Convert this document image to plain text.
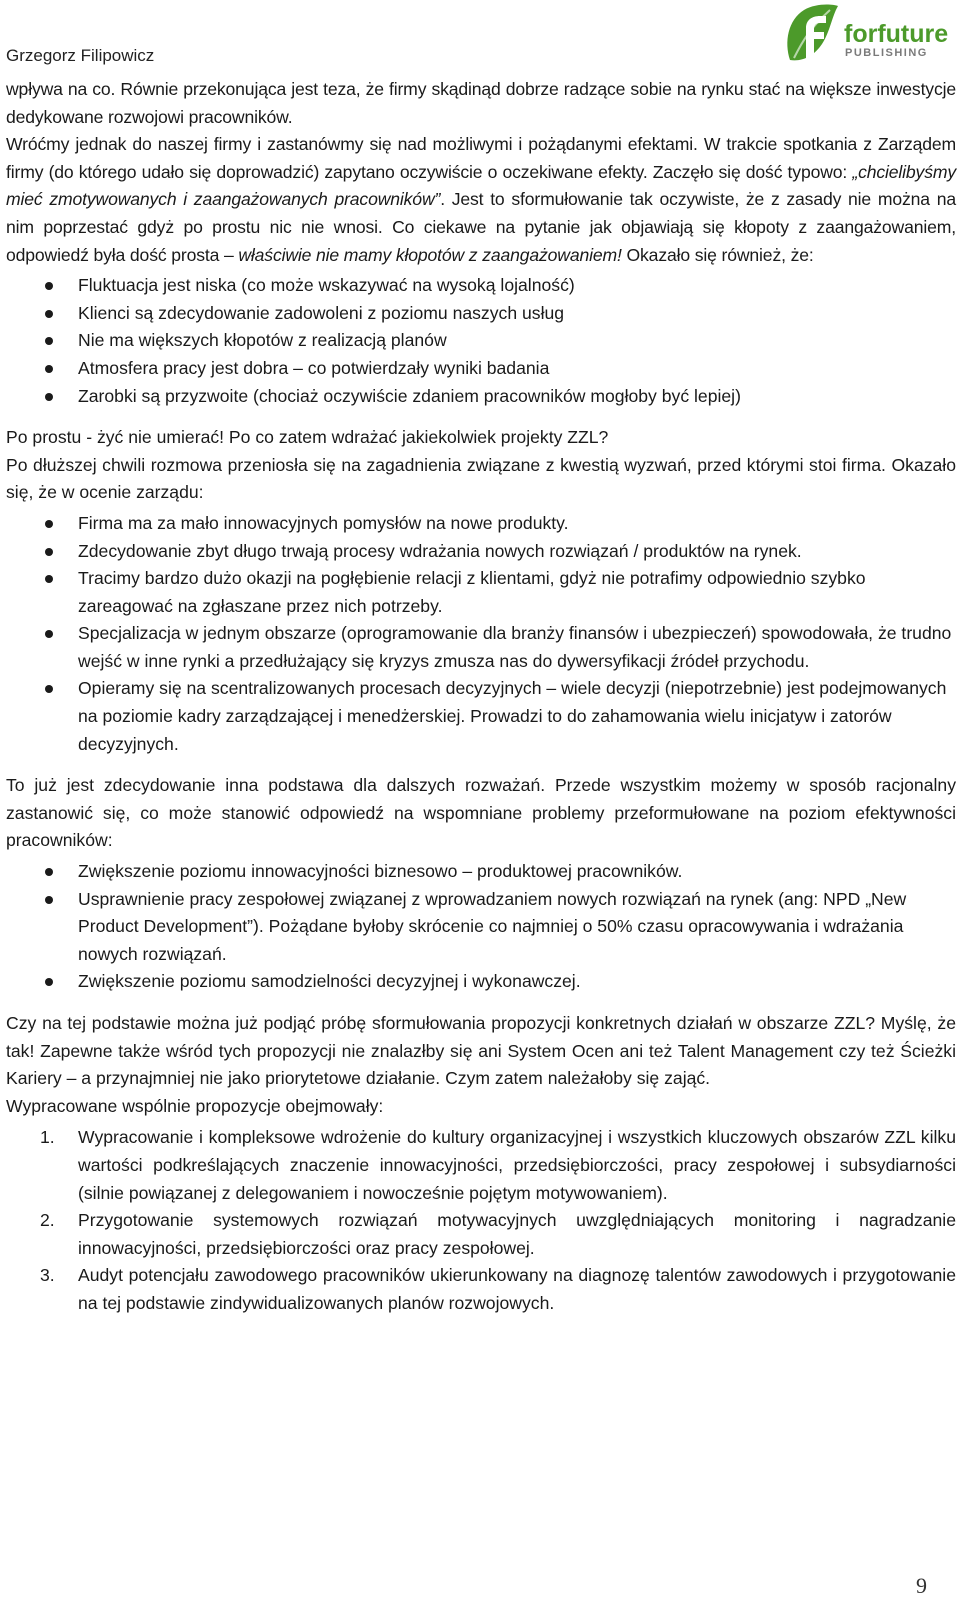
Grzegorz Filipowicz
forfuture
PUBLISHING

wpływa na co. Równie przekonująca jest teza, że firmy skądinąd dobrze radzące sobie na rynku stać na większe inwestycje dedykowane rozwojowi pracowników.

Wróćmy jednak do naszej firmy i zastanówmy się nad możliwymi i pożądanymi efektami. W trakcie spotkania z Zarządem firmy (do którego udało się doprowadzić) zapytano oczywiście o oczekiwane efekty. Zaczęło się dość typowo: „chcielibyśmy mieć zmotywowanych i zaangażowanych pracowników”. Jest to sformułowanie tak oczywiste, że z zasady nie można na nim poprzestać gdyż po prostu nic nie wnosi. Co ciekawe na pytanie jak objawiają się kłopoty z zaangażowaniem, odpowiedź była dość prosta – właściwie nie mamy kłopotów z zaangażowaniem! Okazało się również, że:

Fluktuacja jest niska (co może wskazywać na wysoką lojalność)
Klienci są zdecydowanie zadowoleni z poziomu naszych usług
Nie ma większych kłopotów z realizacją planów
Atmosfera pracy jest dobra – co potwierdzały wyniki badania
Zarobki są przyzwoite (chociaż oczywiście zdaniem pracowników mogłoby być lepiej)

Po prostu - żyć nie umierać! Po co zatem wdrażać jakiekolwiek projekty ZZL?

Po dłuższej chwili rozmowa przeniosła się na zagadnienia związane z kwestią wyzwań, przed którymi stoi firma. Okazało się, że w ocenie zarządu:

Firma ma za mało innowacyjnych pomysłów na nowe produkty.
Zdecydowanie zbyt długo trwają procesy wdrażania nowych rozwiązań / produktów na rynek.
Tracimy bardzo dużo okazji na pogłębienie relacji z klientami, gdyż nie potrafimy odpowiednio szybko zareagować na zgłaszane przez nich potrzeby.
Specjalizacja w jednym obszarze (oprogramowanie dla branży finansów i ubezpieczeń) spowodowała, że trudno wejść w inne rynki a przedłużający się kryzys zmusza nas do dywersyfikacji źródeł przychodu.
Opieramy się na scentralizowanych procesach decyzyjnych – wiele decyzji (niepotrzebnie) jest podejmowanych na poziomie kadry zarządzającej i menedżerskiej. Prowadzi to do zahamowania wielu inicjatyw i zatorów decyzyjnych.

To już jest zdecydowanie inna podstawa dla dalszych rozważań. Przede wszystkim możemy w sposób racjonalny zastanowić się, co może stanowić odpowiedź na wspomniane problemy przeformułowane na poziom efektywności pracowników:

Zwiększenie poziomu innowacyjności biznesowo – produktowej pracowników.
Usprawnienie pracy zespołowej związanej z wprowadzaniem nowych rozwiązań na rynek (ang: NPD „New Product Development”). Pożądane byłoby skrócenie co najmniej o 50% czasu opracowywania i wdrażania nowych rozwiązań.
Zwiększenie poziomu samodzielności decyzyjnej i wykonawczej.

Czy na tej podstawie można już podjąć próbę sformułowania propozycji konkretnych działań w obszarze ZZL? Myślę, że tak! Zapewne także wśród tych propozycji nie znalazłby się ani System Ocen ani też Talent Management czy też Ścieżki Kariery – a przynajmniej nie jako priorytetowe działanie. Czym zatem należałoby się zająć.

Wypracowane wspólnie propozycje obejmowały:

1. Wypracowanie i kompleksowe wdrożenie do kultury organizacyjnej i wszystkich kluczowych obszarów ZZL kilku wartości podkreślających znaczenie innowacyjności, przedsiębiorczości, pracy zespołowej i subsydiarności (silnie powiązanej z delegowaniem i nowocześnie pojętym motywowaniem).
2. Przygotowanie systemowych rozwiązań motywacyjnych uwzględniających monitoring i nagradzanie innowacyjności, przedsiębiorczości oraz pracy zespołowej.
3. Audyt potencjału zawodowego pracowników ukierunkowany na diagnozę talentów zawodowych i przygotowanie na tej podstawie zindywidualizowanych planów rozwojowych.
9
